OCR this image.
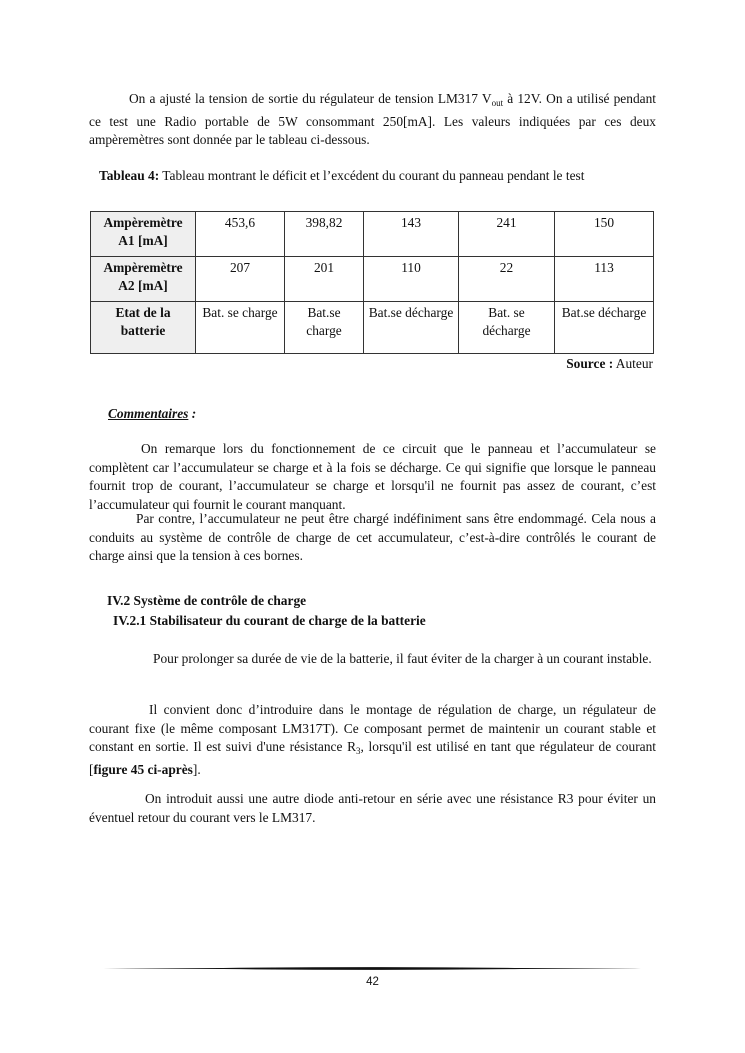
On a ajusté la tension de sortie du régulateur de tension LM317 $V_{out}$ à 12V. On a utilisé pendant ce test une Radio portable de 5W consommant 250[mA]. Les valeurs indiquées par ces deux ampèremètres sont donnée par le tableau ci-dessous.

Tableau 4: Tableau montrant le déficit et l’excédent du courant du panneau pendant le test

Ampèremètre A1 [mA]	453,6	398,82	143	241	150
Ampèremètre A2 [mA]	207	201	110	22	113
Etat de la batterie	Bat. se charge	Bat.se charge	Bat.se décharge	Bat. se décharge	Bat.se décharge
Source : Auteur

Commentaires :

On remarque lors du fonctionnement de ce circuit que le panneau et l’accumulateur se complètent car l’accumulateur se charge et à la fois se décharge. Ce qui signifie que lorsque le panneau fournit trop de courant, l’accumulateur se charge et lorsqu'il ne fournit pas assez de courant, c’est l’accumulateur qui fournit le courant manquant.

Par contre, l’accumulateur ne peut être chargé indéfiniment sans être endommagé. Cela nous a conduits au système de contrôle de charge de cet accumulateur, c’est-à-dire contrôlés le courant de charge ainsi que la tension à ces bornes.

IV.2 Système de contrôle de charge

IV.2.1 Stabilisateur du courant de charge de la batterie

Pour prolonger sa durée de vie de la batterie, il faut éviter de la charger à un courant instable.

Il convient donc d’introduire dans le montage de régulation de charge, un régulateur de courant fixe (le même composant LM317T). Ce composant permet de maintenir un courant stable et constant en sortie. Il est suivi d'une résistance $R_3$, lorsqu'il est utilisé en tant que régulateur de courant [figure 45 ci-après].

On introduit aussi une autre diode anti-retour en série avec une résistance R3 pour éviter un éventuel retour du courant vers le LM317.

42
